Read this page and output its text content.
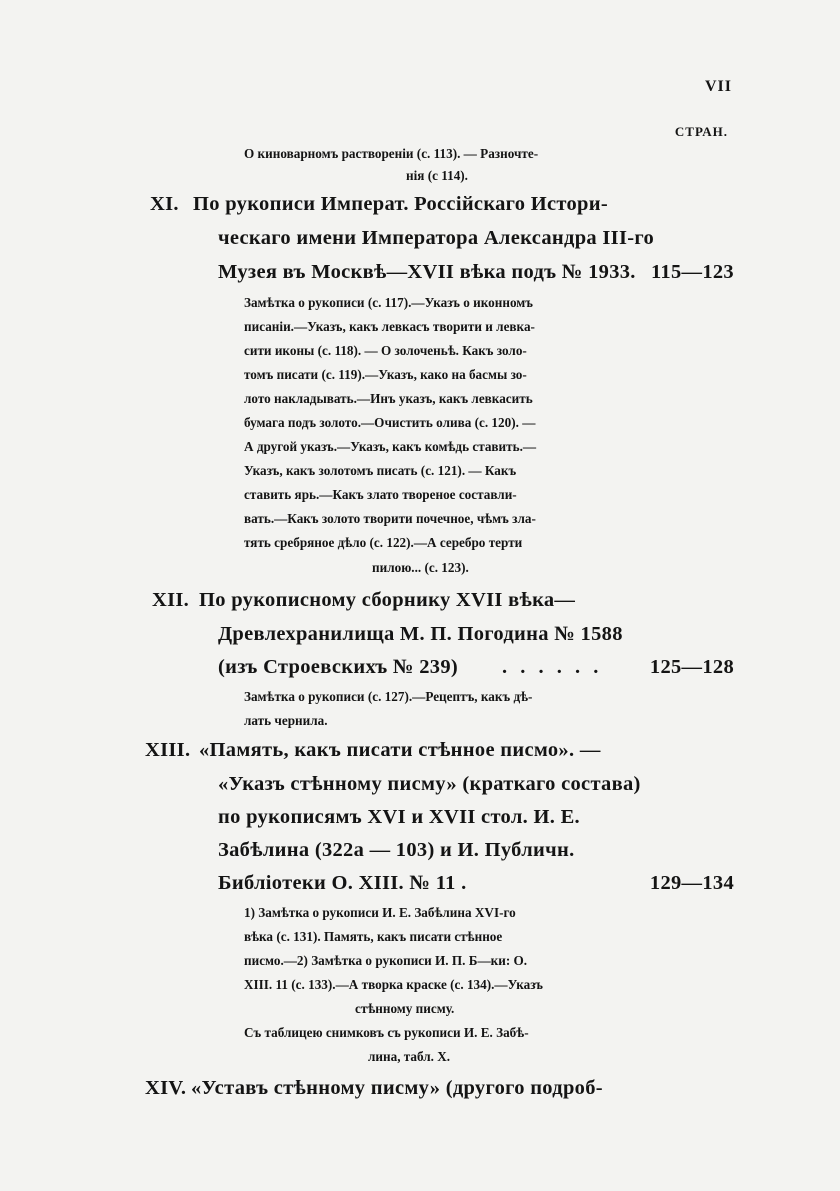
VII
СТРАН.
О киноварномъ растворенiи (с. 113). — Разночте-
нiя (с 114).
XI. По рукописи Императ. Россiйскаго Истори-
ческаго имени Императора Александра III-го
Музея въ Москвѣ—XVII вѣка подъ № 1933. 115—123
Замѣтка о рукописи (с. 117).—Указъ о иконномъ
писанiи.—Указъ, какъ левкасъ творити и левка-
сити иконы (с. 118). — О золоченьѣ. Какъ золо-
томъ писати (с. 119).—Указъ, како на басмы зо-
лото накладывать.—Инъ указъ, какъ левкасить
бумага подъ золото.—Очистить олива (с. 120). —
А другой указъ.—Указъ, какъ комѣдь ставить.—
Указъ, какъ золотомъ писать (с. 121). — Какъ
ставить ярь.—Какъ злато твореное составли-
вать.—Какъ золото творити почечное, чѣмъ зла-
тять сребряное дѣло (с. 122).—А серебро терти
пилою... (с. 123).
XII. По рукописному сборнику XVII вѣка—
Древлехранилища М. П. Погодина № 1588
(изъ Строевскихъ № 239) . . . . . . 125—128
Замѣтка о рукописи (с. 127).—Рецептъ, какъ дѣ-
лать чернила.
XIII. «Память, какъ писати стѣнное писмо». —
«Указъ стѣнному писму» (краткаго состава)
по рукописямъ XVI и XVII стол. И. Е.
Забѣлина (322а — 103) и И. Публичн.
Библiотеки О. XIII. № 11 .	129—134
1) Замѣтка о рукописи И. Е. Забѣлина XVI-го
вѣка (с. 131). Память, какъ писати стѣнное
писмо.—2) Замѣтка о рукописи И. П. Б—ки: О.
XIII. 11 (с. 133).—А творка краске (с. 134).—Указъ
стѣнному писму.
Съ таблицею снимковъ съ рукописи И. Е. Забѣ-
лина, табл. X.
XIV. «Уставъ стѣнному писму» (другого подроб-
